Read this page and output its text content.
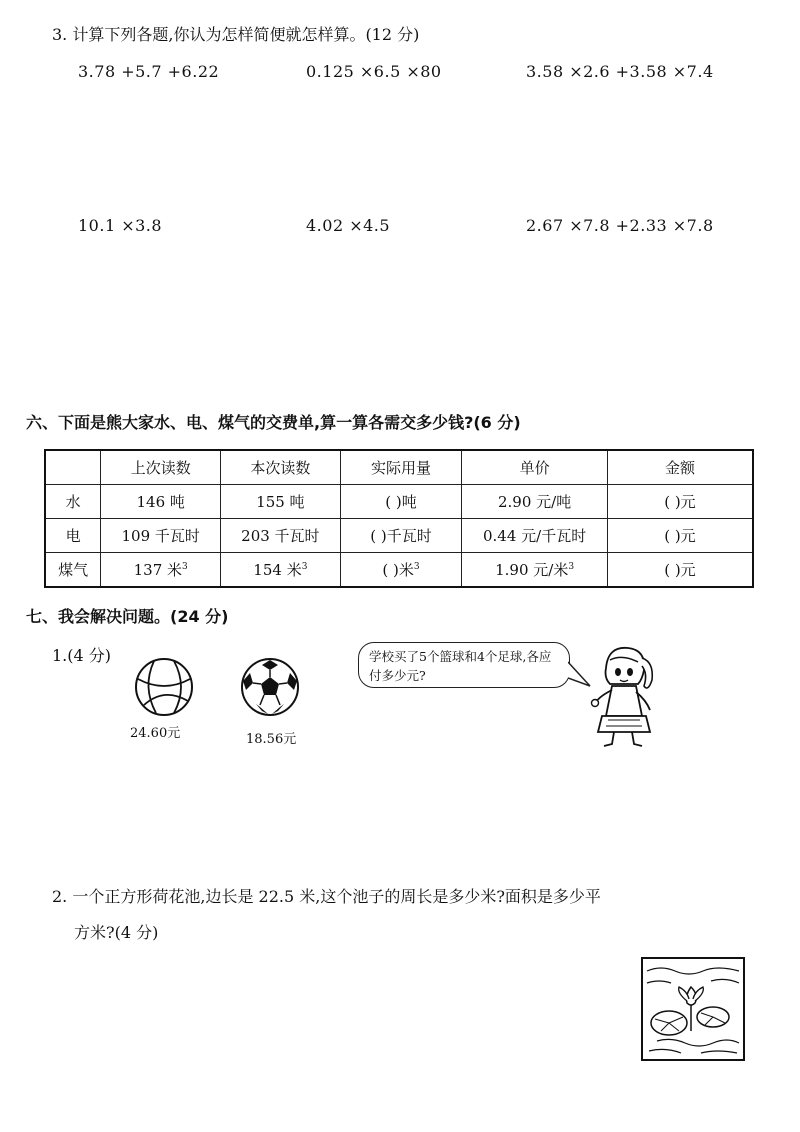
3. 计算下列各题,你认为怎样简便就怎样算。(12 分)
3.78 +5.7 +6.22	0.125 ×6.5 ×80	3.58 ×2.6 +3.58 ×7.4
10.1 ×3.8	4.02 ×4.5	2.67 ×7.8 +2.33 ×7.8
六、下面是熊大家水、电、煤气的交费单,算一算各需交多少钱?(6 分)
	上次读数	本次读数	实际用量	单价	金额
水	146 吨	155 吨	( )吨	2.90 元/吨	( )元
电	109 千瓦时	203 千瓦时	( )千瓦时	0.44 元/千瓦时	( )元
煤气	137 米$^3$	154 米$^3$	( )米$^3$	1.90 元/米$^3$	( )元
七、我会解决问题。(24 分)
1.(4 分)
24.60元	18.56元
学校买了5个篮球和4个足球,各应付多少元?
2. 一个正方形荷花池,边长是 22.5 米,这个池子的周长是多少米?面积是多少平
方米?(4 分)
